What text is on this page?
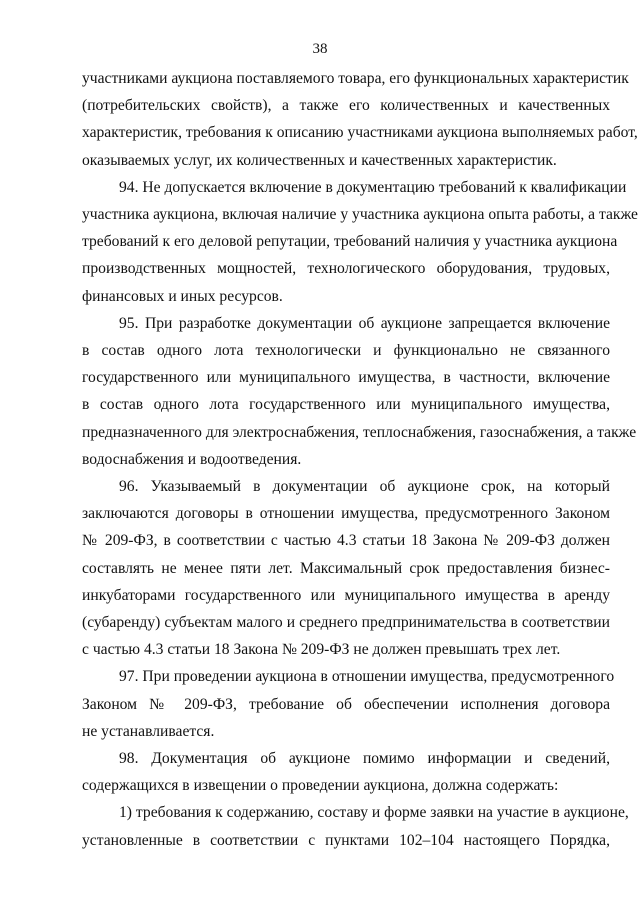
38

участниками аукциона поставляемого товара, его функциональных характеристик
(потребительских свойств), а также его количественных и качественных
характеристик, требования к описанию участниками аукциона выполняемых работ,
оказываемых услуг, их количественных и качественных характеристик.

94. Не допускается включение в документацию требований к квалификации
участника аукциона, включая наличие у участника аукциона опыта работы, а также
требований к его деловой репутации, требований наличия у участника аукциона
производственных мощностей, технологического оборудования, трудовых,
финансовых и иных ресурсов.

95. При разработке документации об аукционе запрещается включение
в состав одного лота технологически и функционально не связанного
государственного или муниципального имущества, в частности, включение
в состав одного лота государственного или муниципального имущества,
предназначенного для электроснабжения, теплоснабжения, газоснабжения, а также
водоснабжения и водоотведения.

96. Указываемый в документации об аукционе срок, на который
заключаются договоры в отношении имущества, предусмотренного Законом
№ 209-ФЗ, в соответствии с частью 4.3 статьи 18 Закона № 209-ФЗ должен
составлять не менее пяти лет. Максимальный срок предоставления бизнес-
инкубаторами государственного или муниципального имущества в аренду
(субаренду) субъектам малого и среднего предпринимательства в соответствии
с частью 4.3 статьи 18 Закона № 209-ФЗ не должен превышать трех лет.

97. При проведении аукциона в отношении имущества, предусмотренного
Законом № 209-ФЗ, требование об обеспечении исполнения договора
не устанавливается.

98. Документация об аукционе помимо информации и сведений,
содержащихся в извещении о проведении аукциона, должна содержать:

1) требования к содержанию, составу и форме заявки на участие в аукционе,
установленные в соответствии с пунктами 102–104 настоящего Порядка,
